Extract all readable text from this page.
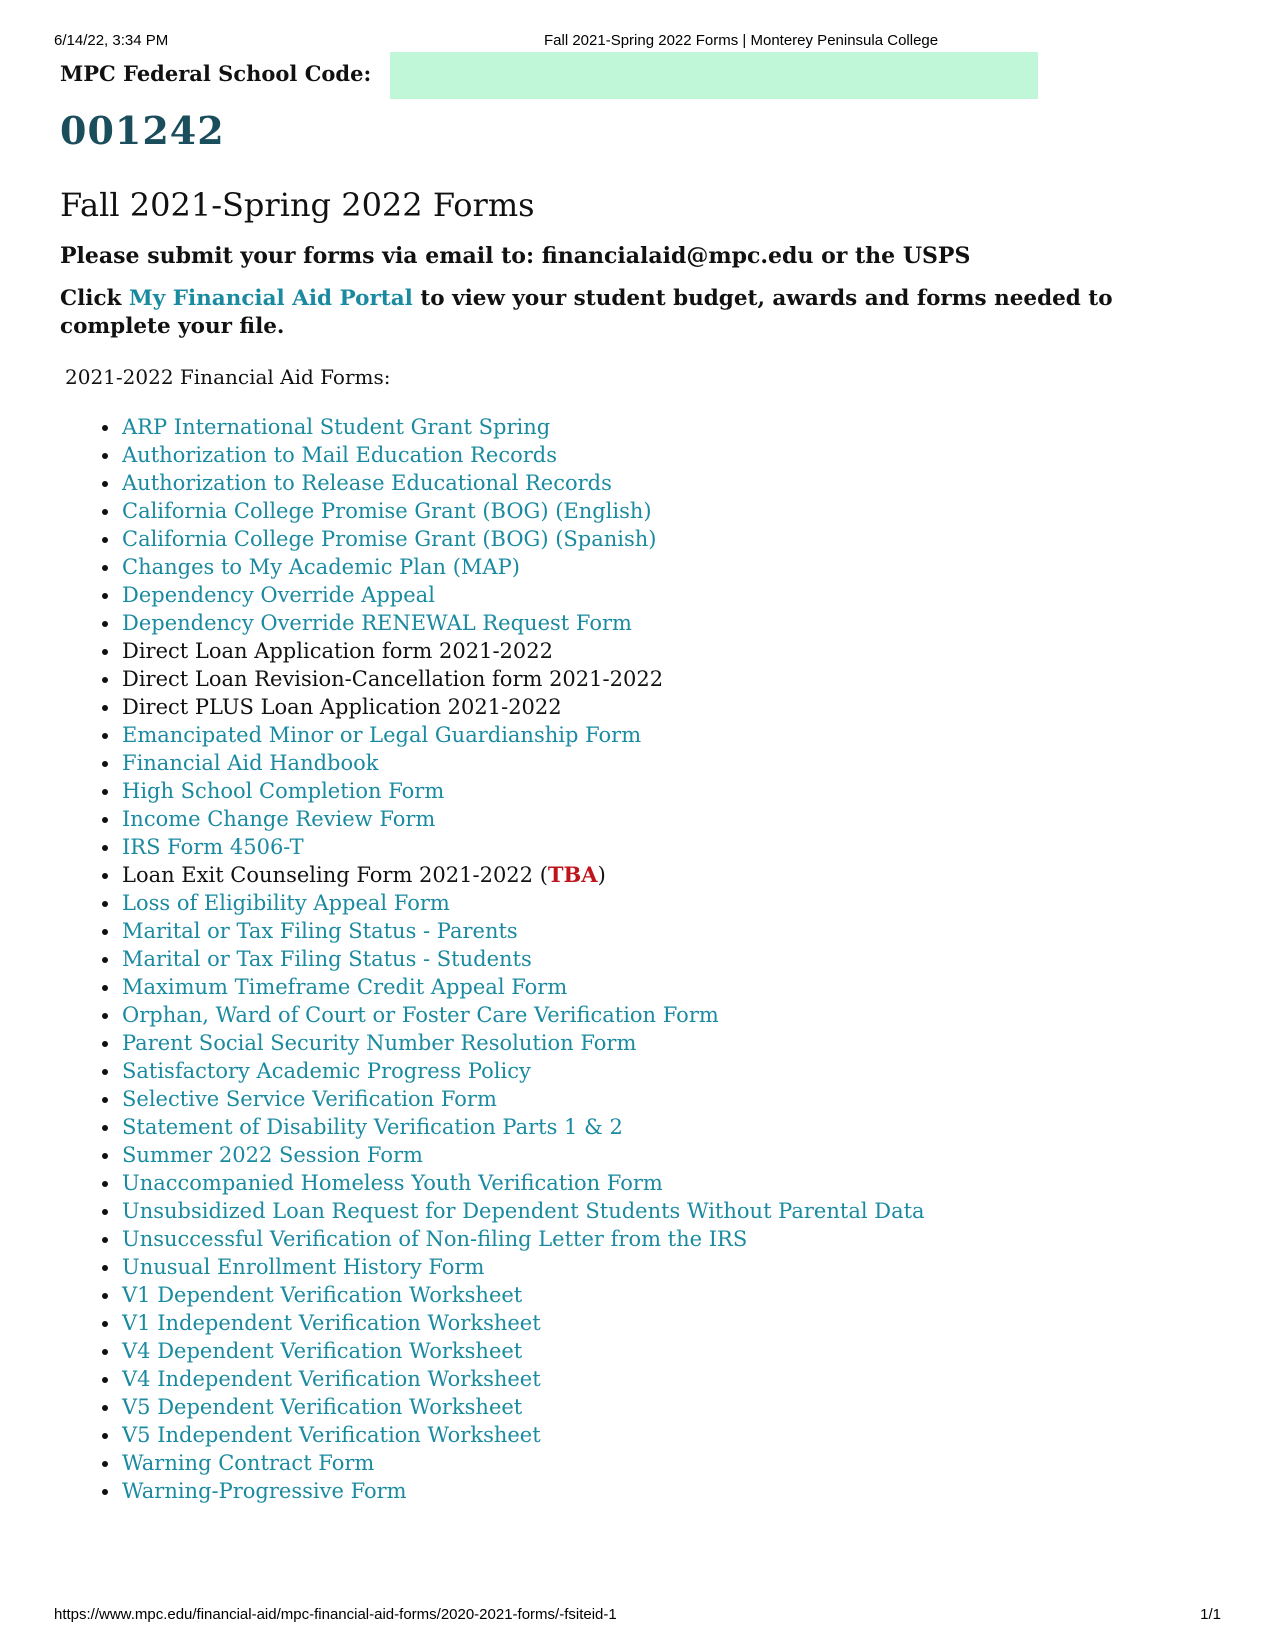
6/14/22, 3:34 PM	Fall 2021-Spring 2022 Forms | Monterey Peninsula College
MPC Federal School Code:
001242
Fall 2021-Spring 2022 Forms
Please submit your forms via email to: financialaid@mpc.edu or the USPS
Click My Financial Aid Portal to view your student budget, awards and forms needed to complete your file.
2021-2022 Financial Aid Forms:
ARP International Student Grant Spring
Authorization to Mail Education Records
Authorization to Release Educational Records
California College Promise Grant (BOG) (English)
California College Promise Grant (BOG) (Spanish)
Changes to My Academic Plan (MAP)
Dependency Override Appeal
Dependency Override RENEWAL Request Form
Direct Loan Application form 2021-2022
Direct Loan Revision-Cancellation form 2021-2022
Direct PLUS Loan Application 2021-2022
Emancipated Minor or Legal Guardianship Form
Financial Aid Handbook
High School Completion Form
Income Change Review Form
IRS Form 4506-T
Loan Exit Counseling Form 2021-2022 (TBA)
Loss of Eligibility Appeal Form
Marital or Tax Filing Status - Parents
Marital or Tax Filing Status - Students
Maximum Timeframe Credit Appeal Form
Orphan, Ward of Court or Foster Care Verification Form
Parent Social Security Number Resolution Form
Satisfactory Academic Progress Policy
Selective Service Verification Form
Statement of Disability Verification Parts 1 & 2
Summer 2022 Session Form
Unaccompanied Homeless Youth Verification Form
Unsubsidized Loan Request for Dependent Students Without Parental Data
Unsuccessful Verification of Non-filing Letter from the IRS
Unusual Enrollment History Form
V1 Dependent Verification Worksheet
V1 Independent Verification Worksheet
V4 Dependent Verification Worksheet
V4 Independent Verification Worksheet
V5 Dependent Verification Worksheet
V5 Independent Verification Worksheet
Warning Contract Form
Warning-Progressive Form
https://www.mpc.edu/financial-aid/mpc-financial-aid-forms/2020-2021-forms/-fsiteid-1	1/1
